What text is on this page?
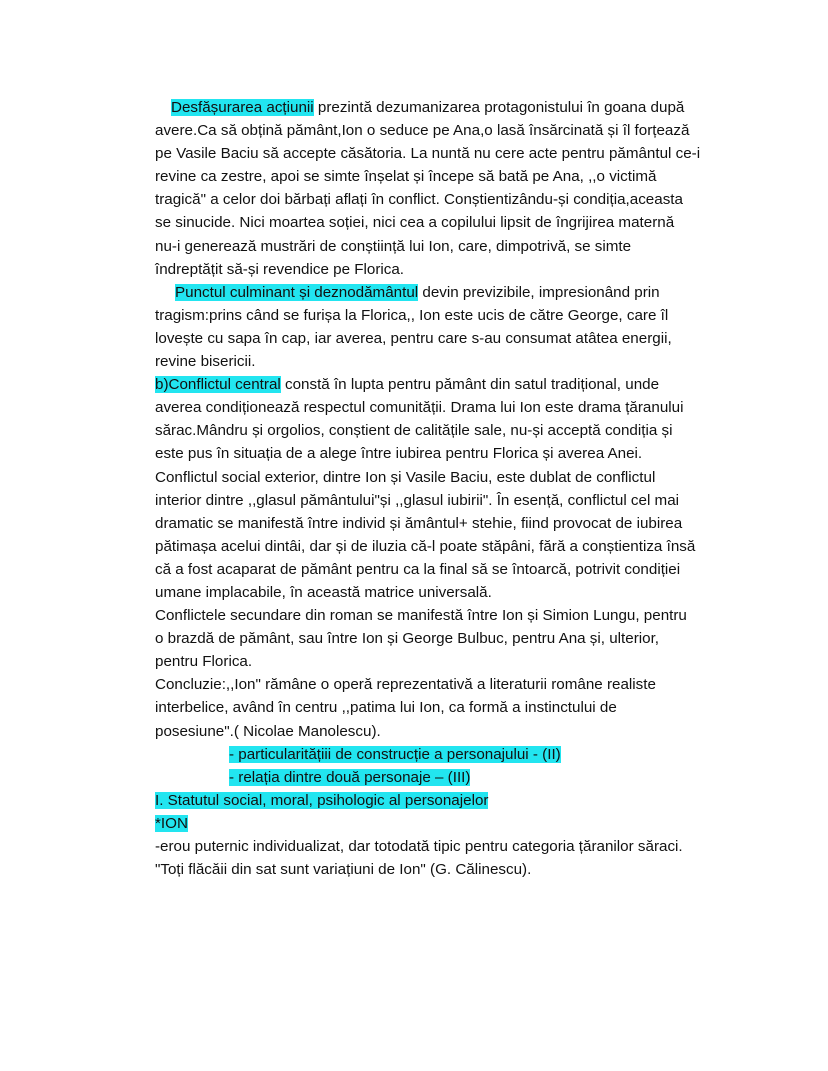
Desfășurarea acțiunii prezintă dezumanizarea protagonistului în goana după
avere.Ca să obțină pământ,Ion o seduce pe Ana,o lasă însărcinată și îl forțează
pe Vasile Baciu să accepte căsătoria. La nuntă nu cere acte pentru pământul ce-i
revine ca zestre, apoi se simte înșelat și începe să bată pe Ana, ,,o victimă
tragică" a celor doi bărbați aflați în conflict. Conștientizându-și condiția,aceasta
se sinucide. Nici moartea soției, nici cea a copilului lipsit de îngrijirea maternă
nu-i generează mustrări de conștiință lui Ion, care, dimpotrivă, se simte
îndreptățit să-și revendice pe Florica.
Punctul culminant și deznodământul devin previzibile, impresionând prin
tragism:prins când se furișa la Florica,, Ion este ucis de către George, care îl
lovește cu sapa în cap, iar averea, pentru care s-au consumat atâtea energii,
revine bisericii.
b)Conflictul central constă în lupta pentru pământ din satul tradițional, unde
averea condiționează respectul comunității. Drama lui Ion este drama țăranului
sărac.Mândru și orgolios, conștient de calitățile sale, nu-și acceptă condiția și
este pus în situația de a alege între iubirea pentru Florica și averea Anei.
Conflictul social exterior, dintre Ion și Vasile Baciu, este dublat de conflictul
interior dintre ,,glasul pământului"și ,,glasul iubirii". În esență, conflictul cel mai
dramatic se manifestă între individ și ământul+ stehie, fiind provocat de iubirea
pătimașa acelui dintâi, dar și de iluzia că-l poate stăpâni, fără a conștientiza însă
că a fost acaparat de pământ pentru ca la final să se întoarcă, potrivit condiției
umane implacabile, în această matrice universală.
Conflictele secundare din roman se manifestă între Ion și Simion Lungu, pentru
o brazdă de pământ, sau între Ion și George Bulbuc, pentru Ana și, ulterior,
pentru Florica.
Concluzie:,,Ion" rămâne o operă reprezentativă a literaturii române realiste
interbelice, având în centru ,,patima lui Ion, ca formă a instinctului de
posesiune".( Nicolae Manolescu).
- particularitățiii de construcție a personajului - (II)
- relația dintre două personaje – (III)
I. Statutul social, moral, psihologic al personajelor
*ION
-erou puternic individualizat, dar totodată tipic pentru categoria țăranilor săraci.
"Toți flăcăii din sat sunt variațiuni de Ion" (G. Călinescu).
